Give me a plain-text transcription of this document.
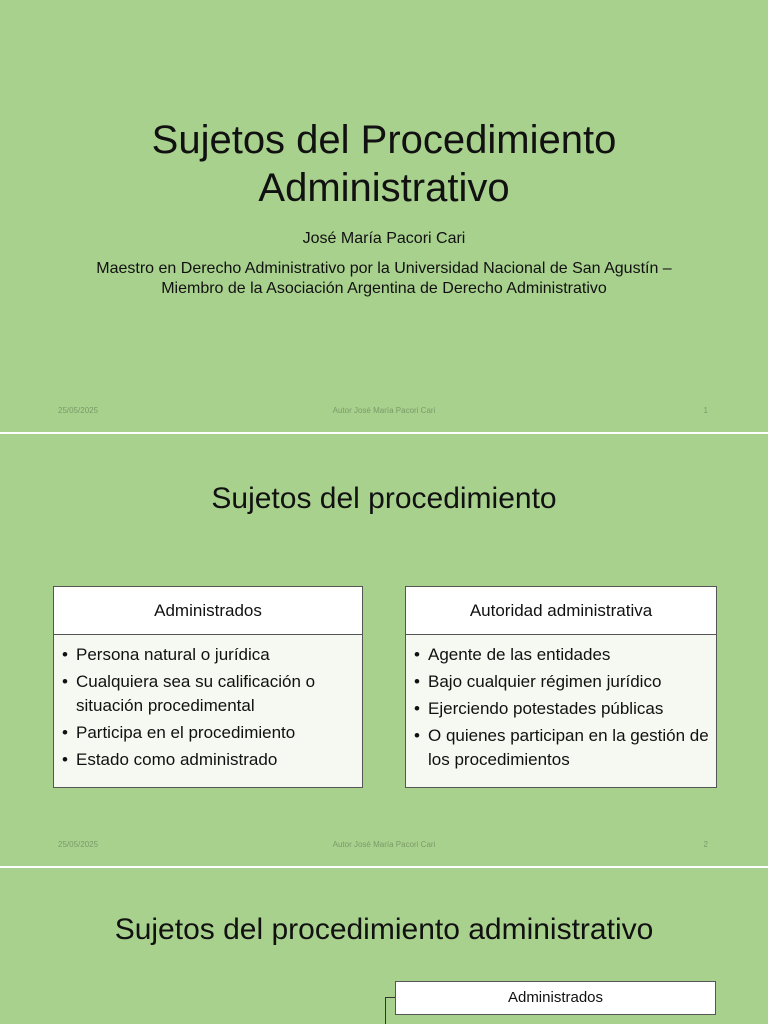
Sujetos del Procedimiento
Administrativo
José María Pacori Cari
Maestro en Derecho Administrativo por la Universidad Nacional de San Agustín – Miembro de la Asociación Argentina de Derecho Administrativo
25/05/2025	Autor José María Pacori Cari	1
Sujetos del procedimiento
Administrados
• Persona natural o jurídica
• Cualquiera sea su calificación o situación procedimental
• Participa en el procedimiento
• Estado como administrado
Autoridad administrativa
• Agente de las entidades
• Bajo cualquier régimen jurídico
• Ejerciendo potestades públicas
• O quienes participan en la gestión de los procedimientos
25/05/2025	Autor José María Pacori Cari	2
Sujetos del procedimiento administrativo
Administrados
